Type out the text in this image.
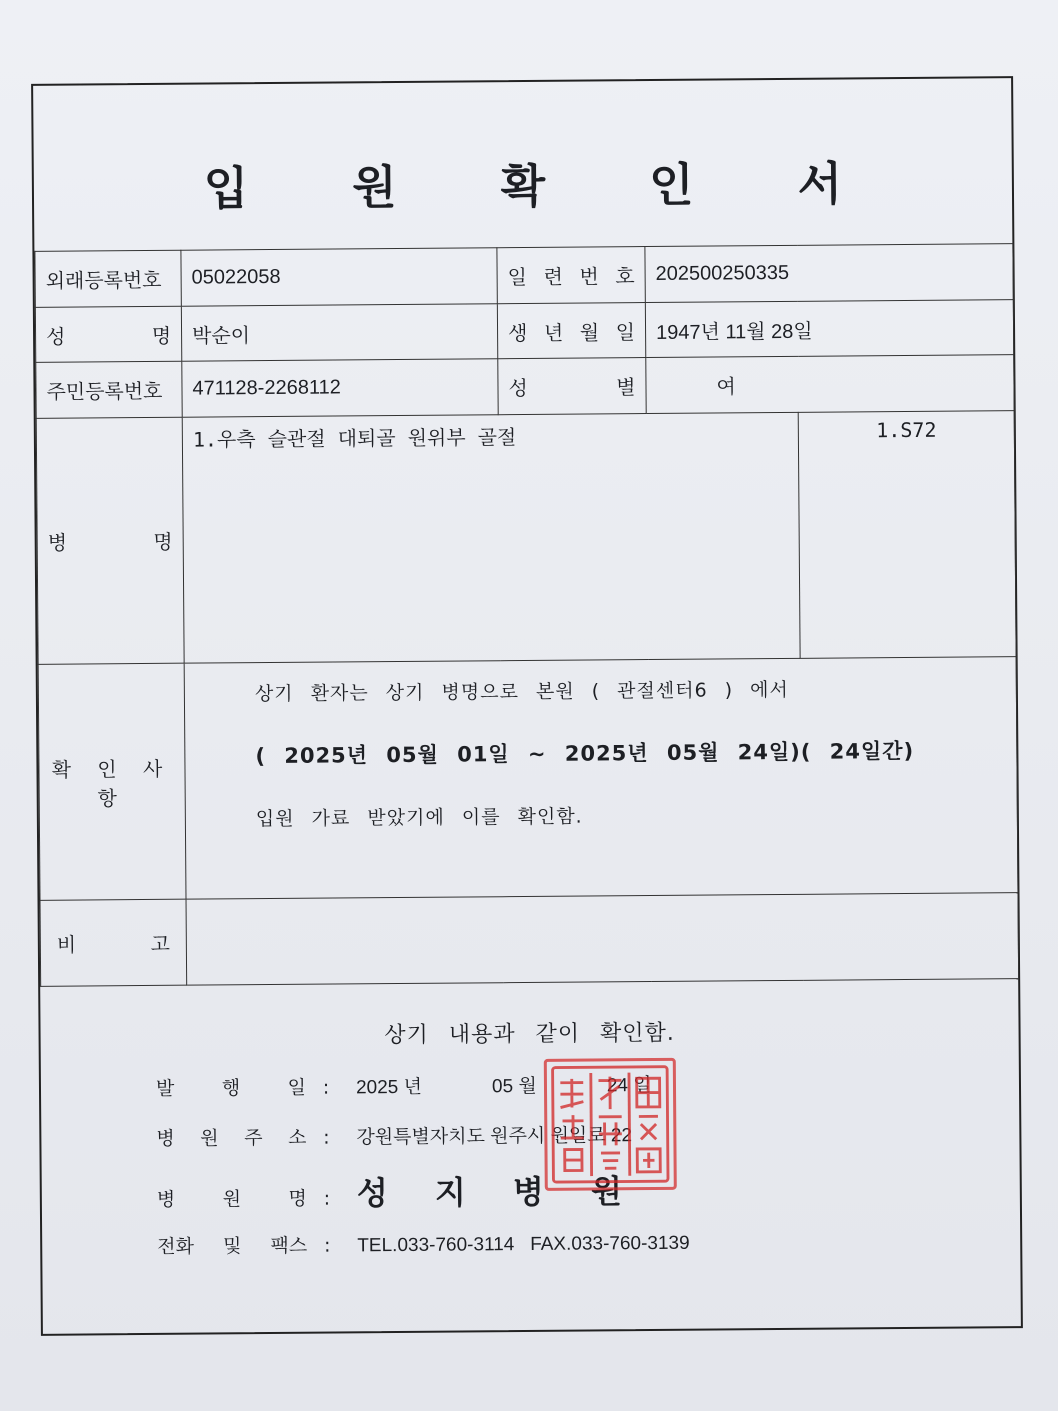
입 원 확 인 서
외래등록번호	05022058	일 련 번 호	202500250335	
성 명	박순이	생 년 월 일	1947년 11월 28일	
주민등록번호	471128-2268112	성 별	여	
병 명	1.우측 슬관절 대퇴골 원위부 골절			1.S72
확 인 사 항	상기 환자는 상기 병명으로 본원 ( 관절센터6 ) 에서

( 2025년 05월 01일 ~ 2025년 05월 24일)( 24일간)

입원 가료 받았기에 이를 확인함.			

비 고				
상기 내용과 같이 확인함.
발 행 일 : 2025 년	05 월	24 일
병 원 주 소 : 강원특별자치도 원주시 원일로 22
병 원 명 : 성 지 병 원
전화 및 팩스 : TEL.033-760-3114   FAX.033-760-3139
